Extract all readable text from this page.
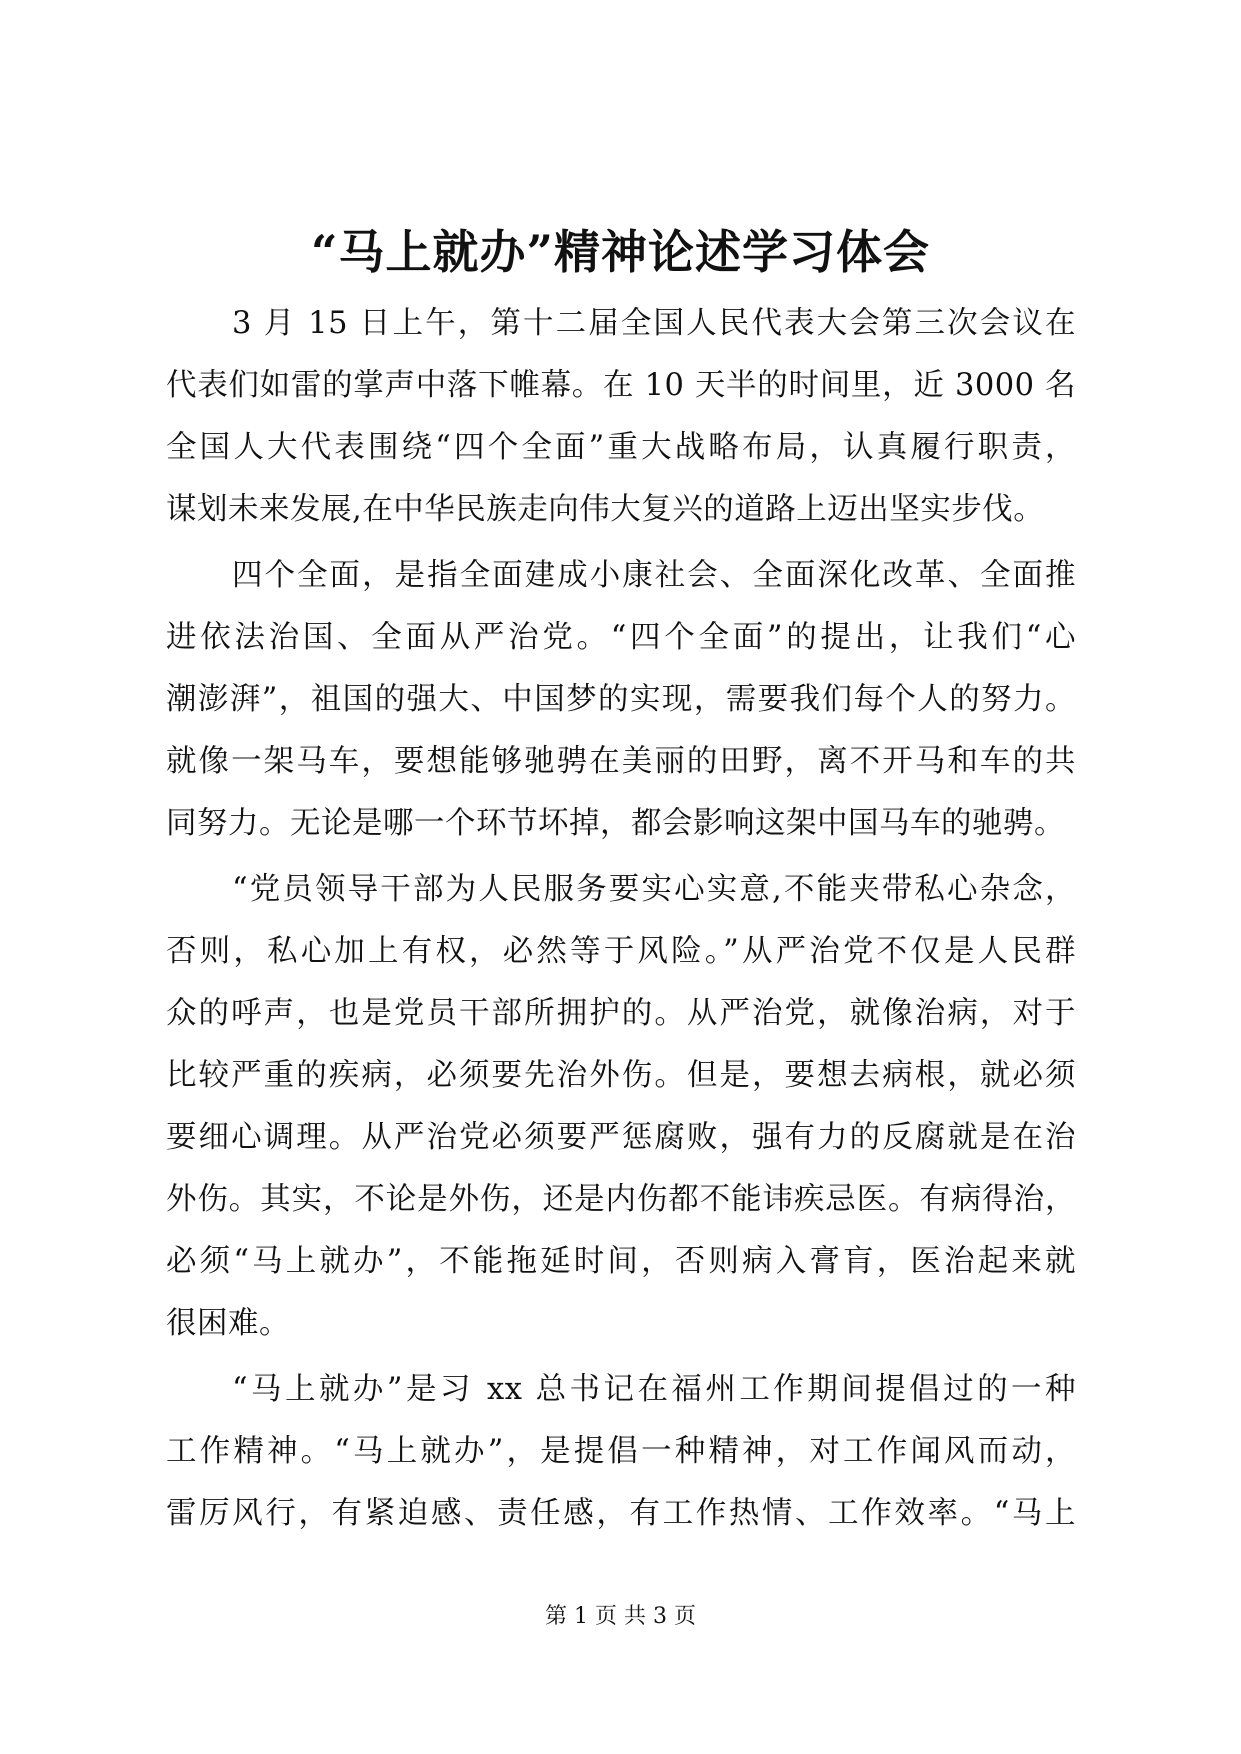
“马上就办”精神论述学习体会
3 月 15 日上午，第十二届全国人民代表大会第三次会议在
代表们如雷的掌声中落下帷幕。在 10 天半的时间里，近 3000 名
全国人大代表围绕“四个全面”重大战略布局，认真履行职责，
谋划未来发展,在中华民族走向伟大复兴的道路上迈出坚实步伐。
四个全面，是指全面建成小康社会、全面深化改革、全面推
进依法治国、全面从严治党。“四个全面”的提出，让我们“心
潮澎湃”，祖国的强大、中国梦的实现，需要我们每个人的努力。
就像一架马车，要想能够驰骋在美丽的田野，离不开马和车的共
同努力。无论是哪一个环节坏掉，都会影响这架中国马车的驰骋。
“党员领导干部为人民服务要实心实意,不能夹带私心杂念，
否则，私心加上有权，必然等于风险。”从严治党不仅是人民群
众的呼声，也是党员干部所拥护的。从严治党，就像治病，对于
比较严重的疾病，必须要先治外伤。但是，要想去病根，就必须
要细心调理。从严治党必须要严惩腐败，强有力的反腐就是在治
外伤。其实，不论是外伤，还是内伤都不能讳疾忌医。有病得治，
必须“马上就办”，不能拖延时间，否则病入膏肓，医治起来就
很困难。
“马上就办”是习 xx 总书记在福州工作期间提倡过的一种
工作精神。“马上就办”，是提倡一种精神，对工作闻风而动，
雷厉风行，有紧迫感、责任感，有工作热情、工作效率。“马上
第 1 页 共 3 页
